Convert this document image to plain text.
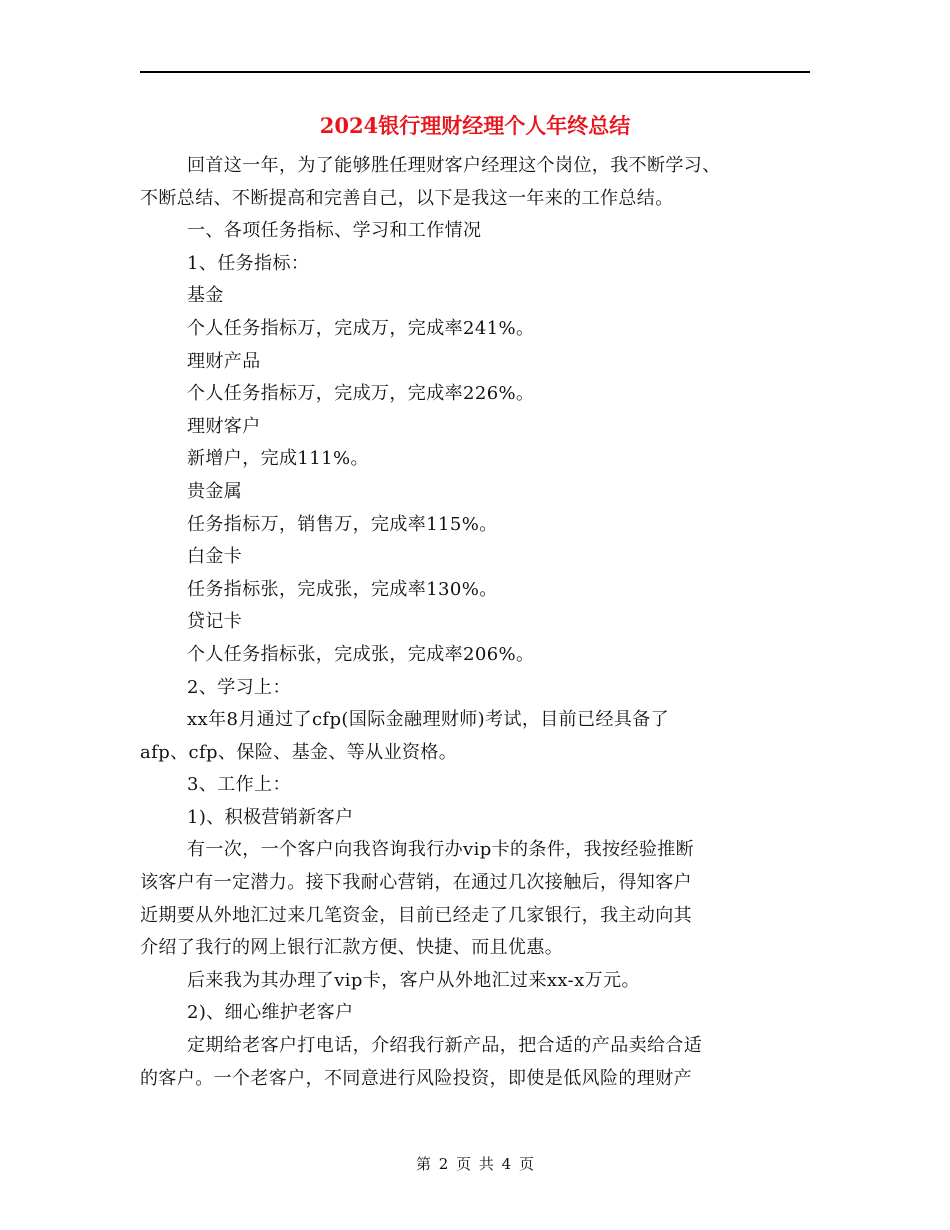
2024银行理财经理个人年终总结
回首这一年，为了能够胜任理财客户经理这个岗位，我不断学习、
不断总结、不断提高和完善自己，以下是我这一年来的工作总结。
一、各项任务指标、学习和工作情况
1、任务指标：
基金
个人任务指标万，完成万，完成率241%。
理财产品
个人任务指标万，完成万，完成率226%。
理财客户
新增户，完成111%。
贵金属
任务指标万，销售万，完成率115%。
白金卡
任务指标张，完成张，完成率130%。
贷记卡
个人任务指标张，完成张，完成率206%。
2、学习上：
xx年8月通过了cfp(国际金融理财师)考试，目前已经具备了
afp、cfp、保险、基金、等从业资格。
3、工作上：
1)、积极营销新客户
有一次，一个客户向我咨询我行办vip卡的条件，我按经验推断
该客户有一定潜力。接下我耐心营销，在通过几次接触后，得知客户
近期要从外地汇过来几笔资金，目前已经走了几家银行，我主动向其
介绍了我行的网上银行汇款方便、快捷、而且优惠。
后来我为其办理了vip卡，客户从外地汇过来xx-x万元。
2)、细心维护老客户
定期给老客户打电话，介绍我行新产品，把合适的产品卖给合适
的客户。一个老客户，不同意进行风险投资，即使是低风险的理财产
第 2 页 共 4 页
